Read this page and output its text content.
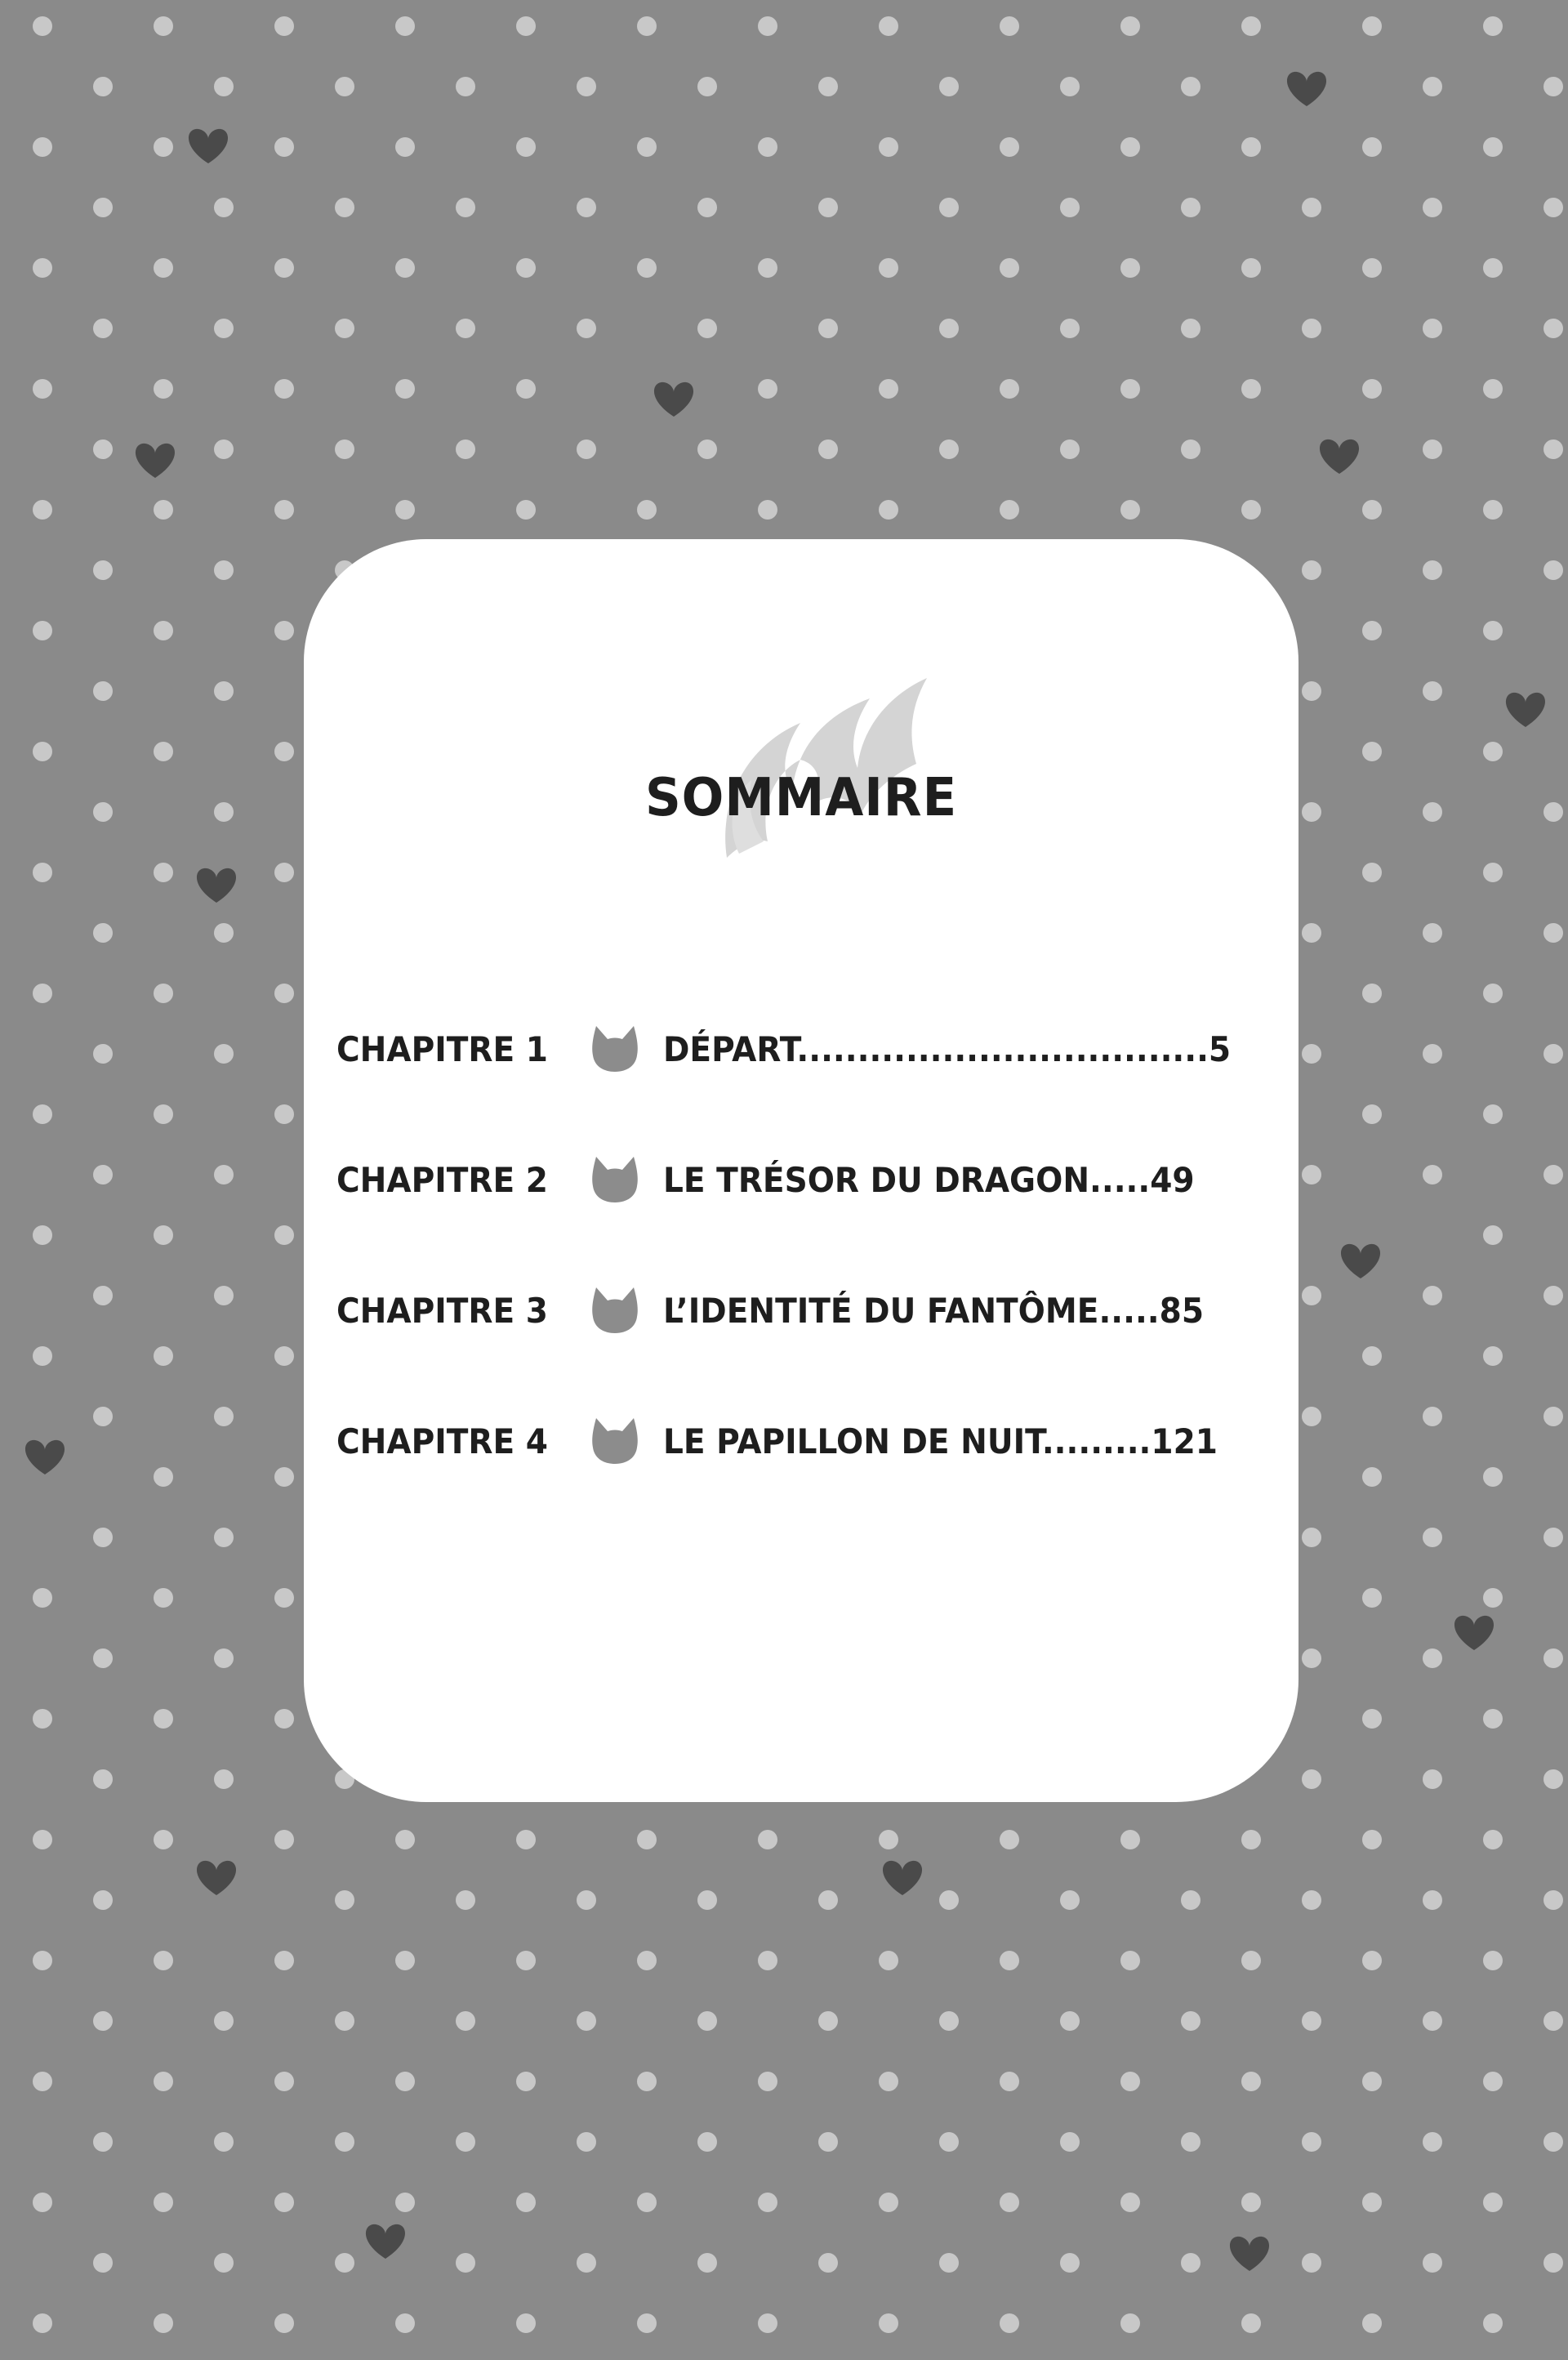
SOMMAIRE
CHAPITRE 1	DÉPART..................................5
CHAPITRE 2	LE TRÉSOR DU DRAGON.....49
CHAPITRE 3	L’IDENTITÉ DU FANTÔME.....85
CHAPITRE 4	LE PAPILLON DE NUIT.........121
